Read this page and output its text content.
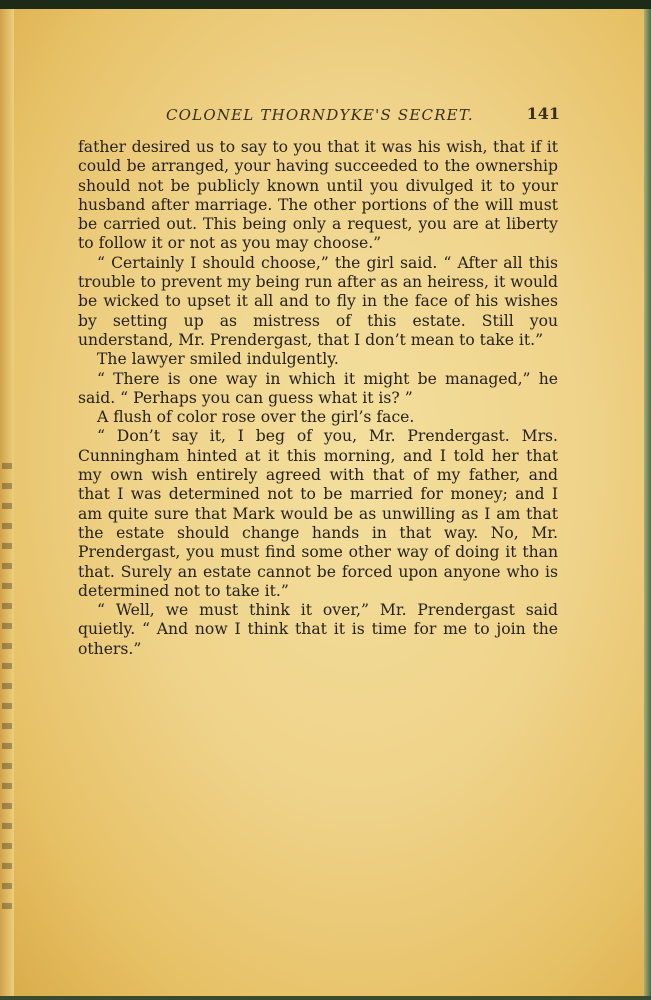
COLONEL THORNDYKE'S SECRET.	141

father desired us to say to you that it was his wish, that if it could be arranged, your having succeeded to the ownership should not be publicly known until you divulged it to your husband after marriage. The other portions of the will must be carried out. This being only a request, you are at liberty to follow it or not as you may choose.”

“ Certainly I should choose,” the girl said. “ After all this trouble to prevent my being run after as an heiress, it would be wicked to upset it all and to fly in the face of his wishes by setting up as mistress of this estate. Still you understand, Mr. Prendergast, that I don’t mean to take it.”

The lawyer smiled indulgently.

“ There is one way in which it might be managed,” he said. “ Perhaps you can guess what it is? ”

A flush of color rose over the girl’s face.

“ Don’t say it, I beg of you, Mr. Prendergast. Mrs. Cunningham hinted at it this morning, and I told her that my own wish entirely agreed with that of my father, and that I was determined not to be married for money; and I am quite sure that Mark would be as unwilling as I am that the estate should change hands in that way. No, Mr. Prendergast, you must find some other way of doing it than that. Surely an estate cannot be forced upon anyone who is determined not to take it.”

“ Well, we must think it over,” Mr. Prendergast said quietly. “ And now I think that it is time for me to join the others.”
